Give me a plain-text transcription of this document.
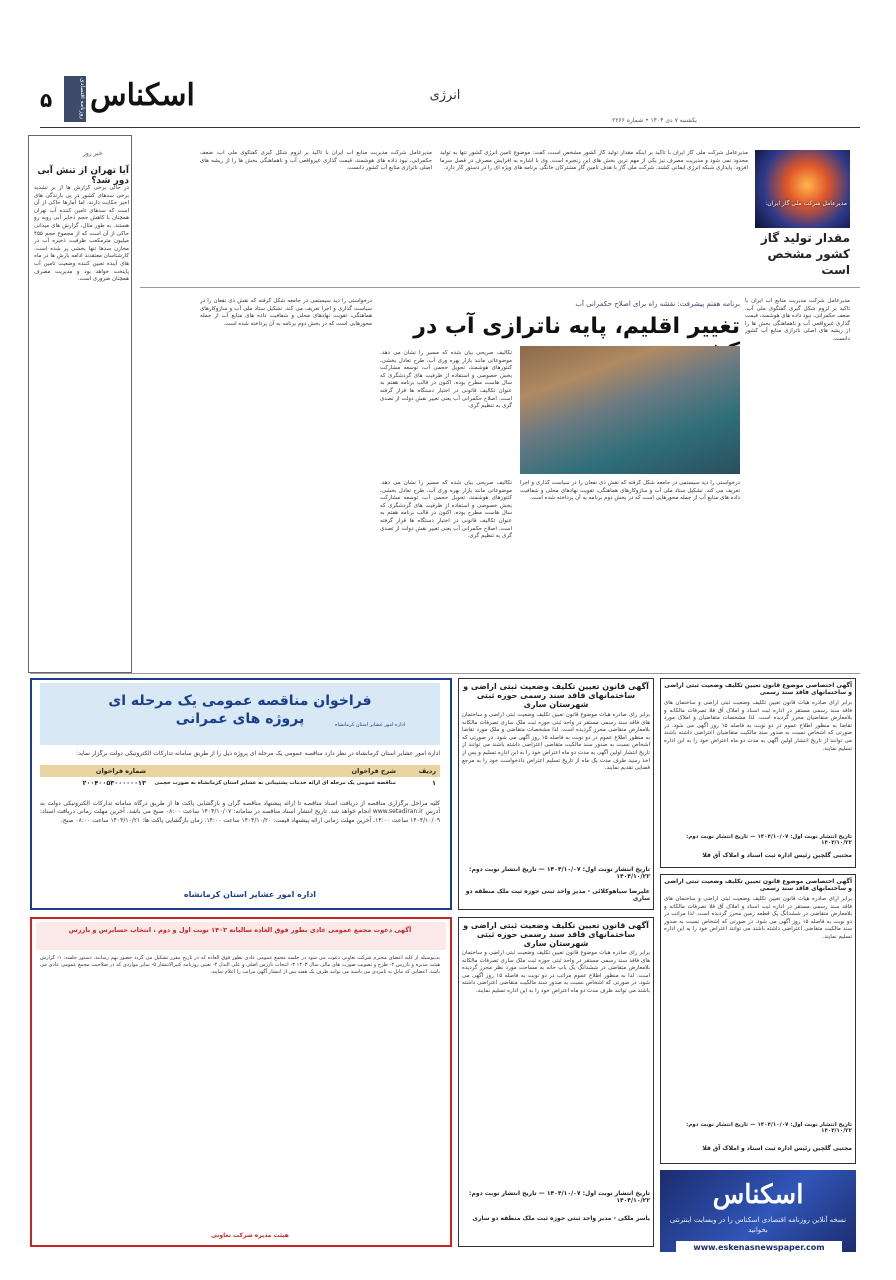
۵	روزنامه اقتصادی اسکناس	انرژی
یکشنبه ۷ دی ۱۴۰۴ • شماره ۲۲۶۶
خبر روز
آیا تهران از تنش آبی دور شد؟
در حالی برخی گزارش ها از بر تشدید برخی سدهای کشور در پی بارندگی های اخیر حکایت دارند، اما آمارها حاکی از آن است که سدهای تامین کننده آب تهران همچنان با کاهش حجم ذخایر آبی روبه رو هستند. به طور مثال، گزارش های میدانی حاکی از آن است که از مجموع حجم ۴۵۵ میلیون مترمکعب ظرفیت ذخیره آب در مخازن سدها تنها بخشی پر شده است. کارشناسان معتقدند ادامه بارش ها در ماه های آینده تعیین کننده وضعیت تامین آب پایتخت خواهد بود و مدیریت مصرف همچنان ضروری است.
مدیرعامل شرکت ملی گاز ایران:
مقدار تولید گاز کشور مشخص است
مدیرعامل شرکت ملی گاز ایران با تاکید بر اینکه مقدار تولید گاز کشور مشخص است، گفت: موضوع تامین انرژی کشور تنها به تولید محدود نمی شود و مدیریت مصرف نیز یکی از مهم ترین بخش های این زنجیره است. وی با اشاره به افزایش مصرف در فصل سرما افزود: پایداری شبکه انرژی ایمانی کشند. شرکت ملی گاز با هدف تامین گاز مشترکان خانگی برنامه های ویژه ای را در دستور کار دارد.
مدیرعامل شرکت مدیریت منابع آب ایران با تاکید بر لزوم شکل گیری گفتگوی ملی آب، ضعف حکمرانی، نبود داده های هوشمند، قیمت گذاری غیرواقعی آب و ناهماهنگی بخش ها را از ریشه های اصلی ناترازی منابع آب کشور دانست.
برنامه هفتم پیشرفت: نقشه راه برای اصلاح حکمرانی آب
تغییر اقلیم، پایه ناترازی آب در
مدیرعامل شرکت مدیریت منابع آب ایران با تاکید بر لزوم شکل گیری گفتگوی ملی آب، ضعف حکمرانی، نبود داده های هوشمند، قیمت گذاری غیرواقعی آب و ناهماهنگی بخش ها را از ریشه های اصلی ناترازی منابع آب کشور دانست.
تکالیف صریحی بیان شده که مسیر را نشان می دهد. موضوعاتی مانند بازار بهره وری آب، طرح تعادل بخشی، کنتورهای هوشمند، تحویل حجمی آب، توسعه مشارکت بخش خصوصی و استفاده از ظرفیت های گردشگری که سال هاست مطرح بوده، اکنون در قالب برنامه هفتم به عنوان تکالیف قانونی در اختیار دستگاه ها قرار گرفته است. اصلاح حکمرانی آب یعنی تغییر نقش دولت از تصدی گری به تنظیم گری.
درخواستی را دید سیستمی در جامعه شکل گرفته که نقش ذی نفعان را در سیاست گذاری و اجرا تعریف می کند. تشکیل ستاد ملی آب و سازوکارهای هماهنگی، تقویت نهادهای محلی و شفافیت داده های منابع آب از جمله محورهایی است که در بخش دوم برنامه به آن پرداخته شده است.
تکالیف صریحی بیان شده که مسیر را نشان می دهد. موضوعاتی مانند بازار بهره وری آب، طرح تعادل بخشی، کنتورهای هوشمند، تحویل حجمی آب، توسعه مشارکت بخش خصوصی و استفاده از ظرفیت های گردشگری که سال هاست مطرح بوده، اکنون در قالب برنامه هفتم به عنوان تکالیف قانونی در اختیار دستگاه ها قرار گرفته است. اصلاح حکمرانی آب یعنی تغییر نقش دولت از تصدی گری به تنظیم گری.
درخواستی را دید سیستمی در جامعه شکل گرفته که نقش ذی نفعان را در سیاست گذاری و اجرا تعریف می کند. تشکیل ستاد ملی آب و سازوکارهای هماهنگی، تقویت نهادهای محلی و شفافیت داده های منابع آب از جمله محورهایی است که در بخش دوم برنامه به آن پرداخته شده است.
اداره امور عشایر استان کرمانشاه
فراخوان مناقصه عمومی یک مرحله ای پروژه های عمرانی
اداره امور عشایر استان کرمانشاه در نظر دارد مناقصه عمومی یک مرحله ای پروژه ذیل را از طریق سامانه تدارکات الکترونیکی دولت برگزار نماید:
ردیف
شرح فراخوان
شماره فراخوان
۱
مناقصه عمومی یک مرحله ای ارائه خدمات پشتیبانی به عشایر استان کرمانشاه به صورت حجمی
۲۰۰۴۰۰۵۳۰۰۰۰۰۰۱۳
کلیه مراحل برگزاری مناقصه از دریافت اسناد مناقصه تا ارائه پیشنهاد مناقصه گران و بازگشایی پاکت ها از طریق درگاه سامانه تدارکات الکترونیکی دولت به آدرس www.setadiran.ir انجام خواهد شد. تاریخ انتشار اسناد مناقصه در سامانه: ۱۴۰۴/۱۰/۰۷ ساعت ۰۸:۰۰ صبح می باشد. آخرین مهلت زمانی دریافت اسناد: ۱۴۰۴/۱۰/۰۹ ساعت ۱۴:۰۰. آخرین مهلت زمانی ارائه پیشنهاد قیمت: ۱۴۰۴/۱۰/۲۰ ساعت ۱۴:۰۰. زمان بازگشایی پاکت ها: ۱۴۰۴/۱۰/۲۱ ساعت ۰۸:۰۰ صبح.
اداره امور عشایر استان کرمانشاه
آگهی دعوت مجمع عمومی عادی بطور فوق العاده سالیانه ۱۴۰۳ نوبت اول و دوم ، انتخاب حسابرس و بازرس
بدینوسیله از کلیه اعضای محترم شرکت تعاونی دعوت می شود در جلسه مجمع عمومی عادی بطور فوق العاده که در تاریخ مقرر تشکیل می گردد حضور بهم رسانند. دستور جلسه: ۱- گزارش هیئت مدیره و بازرس ۲- طرح و تصویب صورت های مالی سال ۱۴۰۳ ۳- انتخاب بازرس اصلی و علی البدل ۴- تعیین روزنامه کثیرالانتشار ۵- سایر مواردی که در صلاحیت مجمع عمومی عادی می باشد. اعضایی که مایل به نامزدی می باشند می توانند ظرف یک هفته پس از انتشار آگهی مراتب را اعلام نمایند.
هیئت مدیره شرکت تعاونی
آگهی قانون تعیین تکلیف وضعیت ثبتی اراضی و ساختمانهای فاقد سند رسمی حوزه ثبتی شهرستان ساری
برابر رای صادره هیات موضوع قانون تعیین تکلیف وضعیت ثبتی اراضی و ساختمان های فاقد سند رسمی مستقر در واحد ثبتی حوزه ثبت ملک ساری تصرفات مالکانه بلامعارض متقاضی محرز گردیده است. لذا مشخصات متقاضی و ملک مورد تقاضا به منظور اطلاع عموم در دو نوبت به فاصله ۱۵ روز آگهی می شود. در صورتی که اشخاص نسبت به صدور سند مالکیت متقاضی اعتراضی داشته باشند می توانند از تاریخ انتشار اولین آگهی به مدت دو ماه اعتراض خود را به این اداره تسلیم و پس از اخذ رسید ظرف مدت یک ماه از تاریخ تسلیم اعتراض دادخواست خود را به مرجع قضایی تقدیم نمایند.
تاریخ انتشار نوبت اول: ۱۴۰۴/۱۰/۰۷ — تاریخ انتشار نوبت دوم: ۱۴۰۴/۱۰/۲۲
علیرضا سیاهوکلائی - مدیر واحد ثبتی حوزه ثبت ملک منطقه دو ساری
آگهی قانون تعیین تکلیف وضعیت ثبتی اراضی و ساختمانهای فاقد سند رسمی حوزه ثبتی شهرستان ساری
برابر رای صادره هیات موضوع قانون تعیین تکلیف وضعیت ثبتی اراضی و ساختمان های فاقد سند رسمی مستقر در واحد ثبتی حوزه ثبت ملک ساری تصرفات مالکانه بلامعارض متقاضی در ششدانگ یک باب خانه به مساحت مورد نظر محرز گردیده است. لذا به منظور اطلاع عموم مراتب در دو نوبت به فاصله ۱۵ روز آگهی می شود. در صورتی که اشخاص نسبت به صدور سند مالکیت متقاضی اعتراضی داشته باشند می توانند ظرف مدت دو ماه اعتراض خود را به این اداره تسلیم نمایند.
تاریخ انتشار نوبت اول: ۱۴۰۴/۱۰/۰۷ — تاریخ انتشار نوبت دوم: ۱۴۰۴/۱۰/۲۲
یاسر ملکی - مدیر واحد ثبتی حوزه ثبت ملک منطقه دو ساری
آگهی اختصاصی موضوع قانون تعیین تکلیف وضعیت ثبتی اراضی و ساختمانهای فاقد سند رسمی
برابر آرای صادره هیات قانون تعیین تکلیف وضعیت ثبتی اراضی و ساختمان های فاقد سند رسمی مستقر در اداره ثبت اسناد و املاک آق قلا تصرفات مالکانه و بلامعارض متقاضیان محرز گردیده است. لذا مشخصات متقاضیان و املاک مورد تقاضا به منظور اطلاع عموم در دو نوبت به فاصله ۱۵ روز آگهی می شود. در صورتی که اشخاص نسبت به صدور سند مالکیت متقاضیان اعتراضی داشته باشند می توانند از تاریخ انتشار اولین آگهی به مدت دو ماه اعتراض خود را به این اداره تسلیم نمایند.
تاریخ انتشار نوبت اول: ۱۴۰۴/۱۰/۰۷ — تاریخ انتشار نوبت دوم: ۱۴۰۴/۱۰/۲۲
مجتبی گلچین رئیس اداره ثبت اسناد و املاک آق قلا
آگهی اختصاصی موضوع قانون تعیین تکلیف وضعیت ثبتی اراضی و ساختمانهای فاقد سند رسمی
برابر آرای صادره هیات قانون تعیین تکلیف وضعیت ثبتی اراضی و ساختمان های فاقد سند رسمی مستقر در اداره ثبت اسناد و املاک آق قلا تصرفات مالکانه و بلامعارض متقاضی در ششدانگ یک قطعه زمین محرز گردیده است. لذا مراتب در دو نوبت به فاصله ۱۵ روز آگهی می شود. در صورتی که اشخاص نسبت به صدور سند مالکیت متقاضی اعتراضی داشته باشند می توانند اعتراض خود را به این اداره تسلیم نمایند.
تاریخ انتشار نوبت اول: ۱۴۰۴/۱۰/۰۷ — تاریخ انتشار نوبت دوم: ۱۴۰۴/۱۰/۲۲
مجتبی گلچین رئیس اداره ثبت اسناد و املاک آق قلا
اسکناس
نسخه آنلاین روزنامه اقتصادی اسکناس را در وبسایت اینترنتی بخوانید
www.eskenasnewspaper.com
